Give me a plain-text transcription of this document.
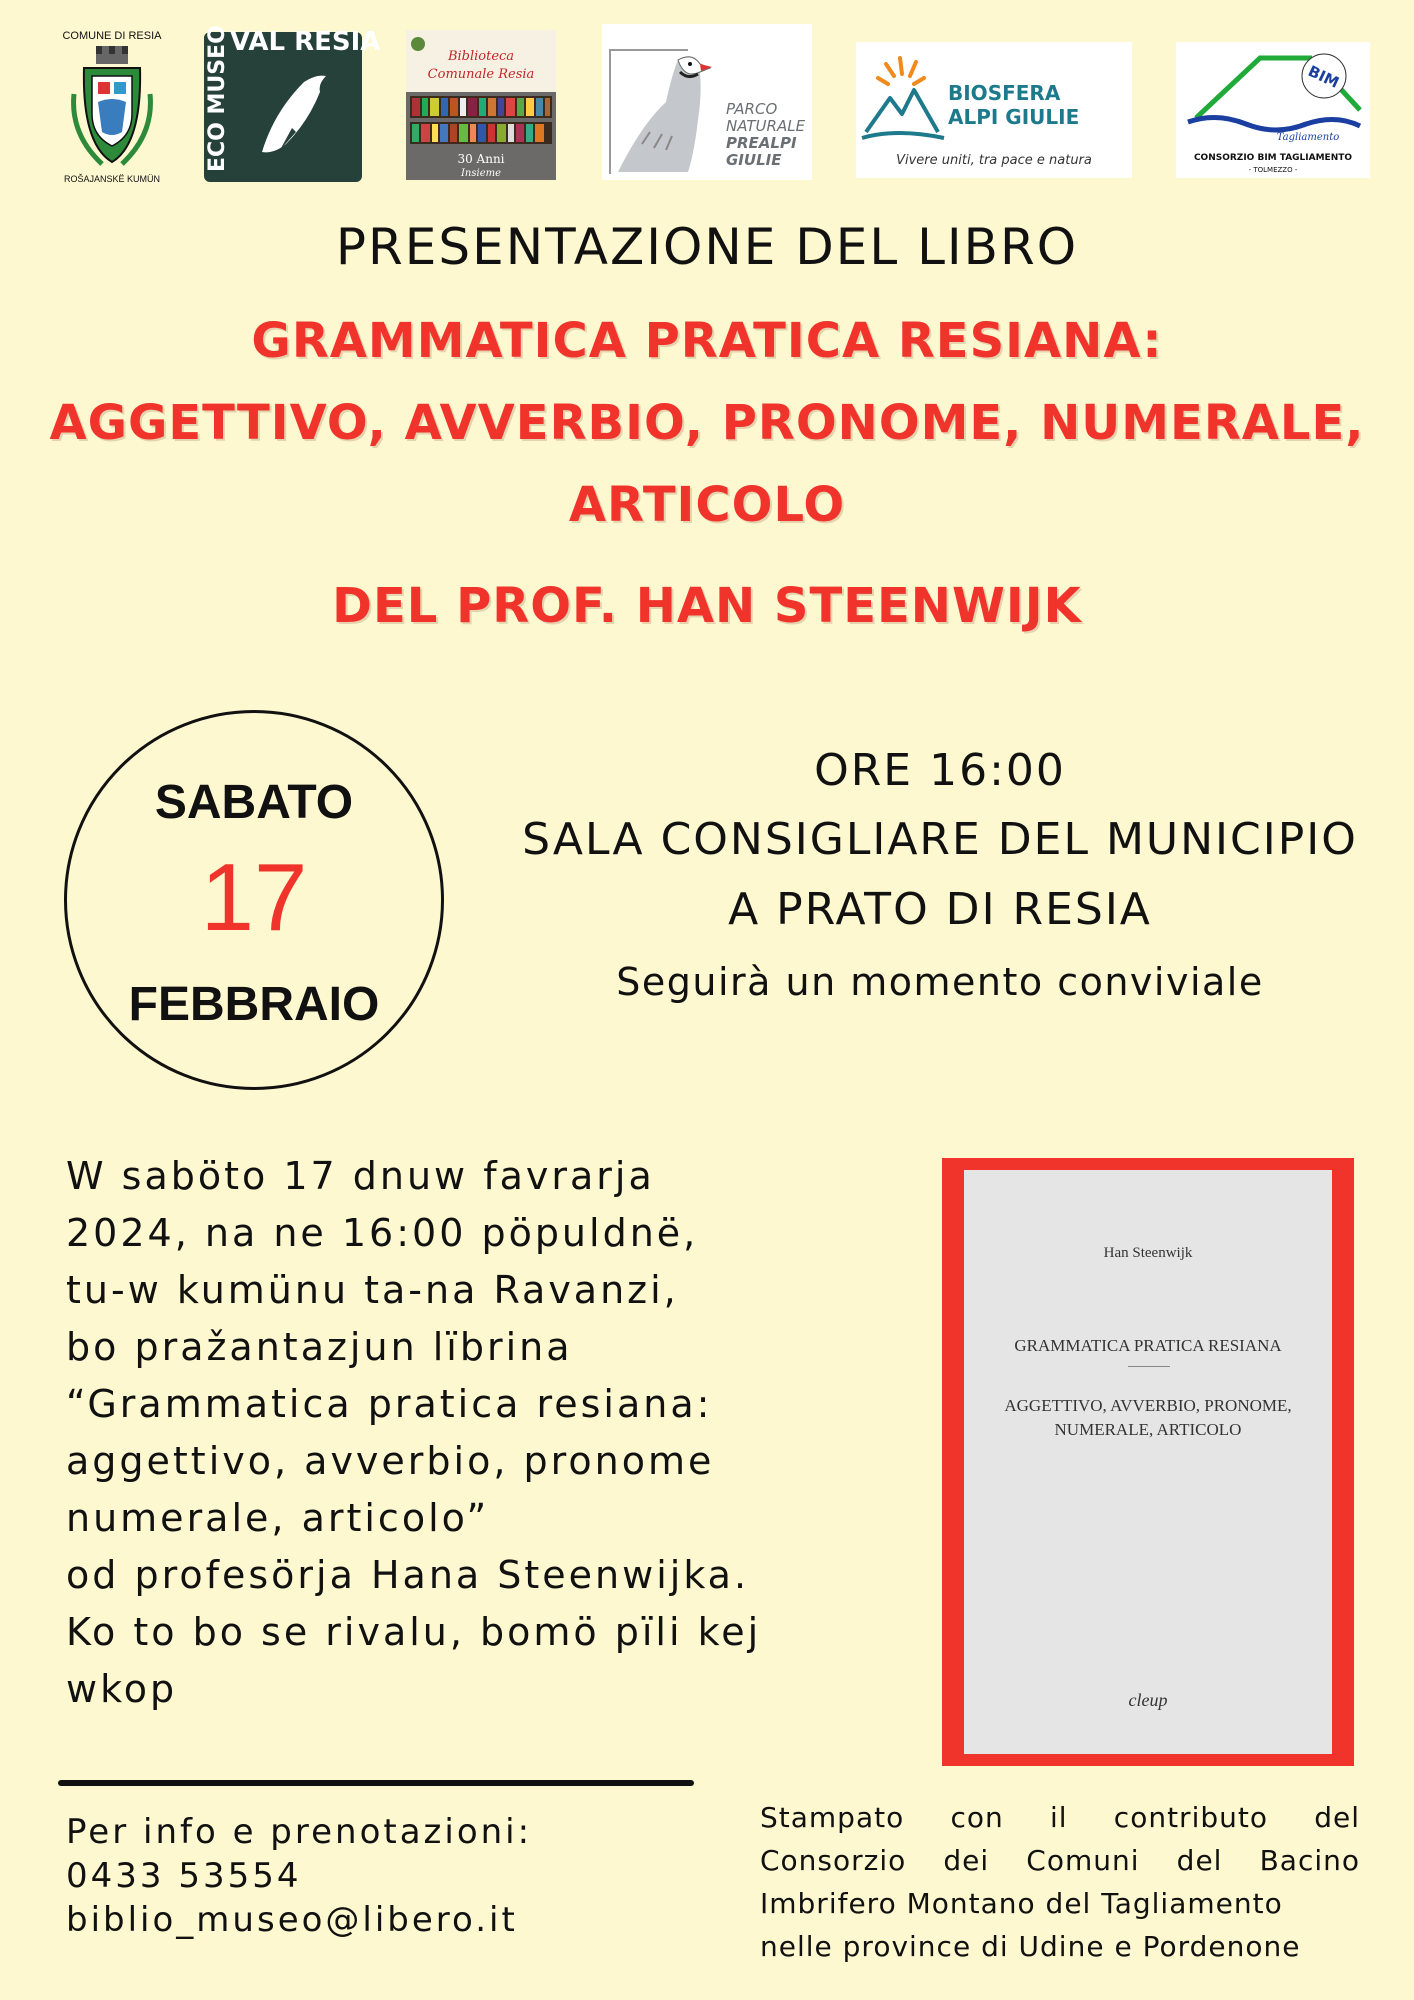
COMUNE DI RESIA
ROŠAJANSKË KUMÜN
VAL RESIA
ECO MUSEO	Biblioteca
Comunale Resia
30 Anni
Insieme
PARCO
NATURALE
PREALPI
GIULIE
BIOSFERA
ALPI GIULIE
Vivere uniti, tra pace e natura
BIM
Tagliamento
CONSORZIO BIM TAGLIAMENTO
- TOLMEZZO -
PRESENTAZIONE DEL LIBRO
GRAMMATICA PRATICA RESIANA:
AGGETTIVO, AVVERBIO, PRONOME, NUMERALE,
ARTICOLO
DEL PROF. HAN STEENWIJK
SABATO
17
FEBBRAIO
ORE 16:00
SALA CONSIGLIARE DEL MUNICIPIO
A PRATO DI RESIA
Seguirà un momento conviviale
W saböto 17 dnuw favrarja
2024, na ne 16:00 pöpuldnë,
tu-w kumünu ta-na Ravanzi,
bo pražantazjun lïbrina
“Grammatica pratica resiana:
aggettivo, avverbio, pronome
numerale, articolo”
od profesörja Hana Steenwijka.
Ko to bo se rivalu, bomö pïli kej
wkop
Han Steenwijk
GRAMMATICA PRATICA RESIANA
AGGETTIVO, AVVERBIO, PRONOME,
NUMERALE, ARTICOLO
cleup
Per info e prenotazioni:
0433 53554
biblio_museo@libero.it
Stampato con il contributo del
Consorzio dei Comuni del Bacino
Imbrifero Montano del Tagliamento
nelle province di Udine e Pordenone
